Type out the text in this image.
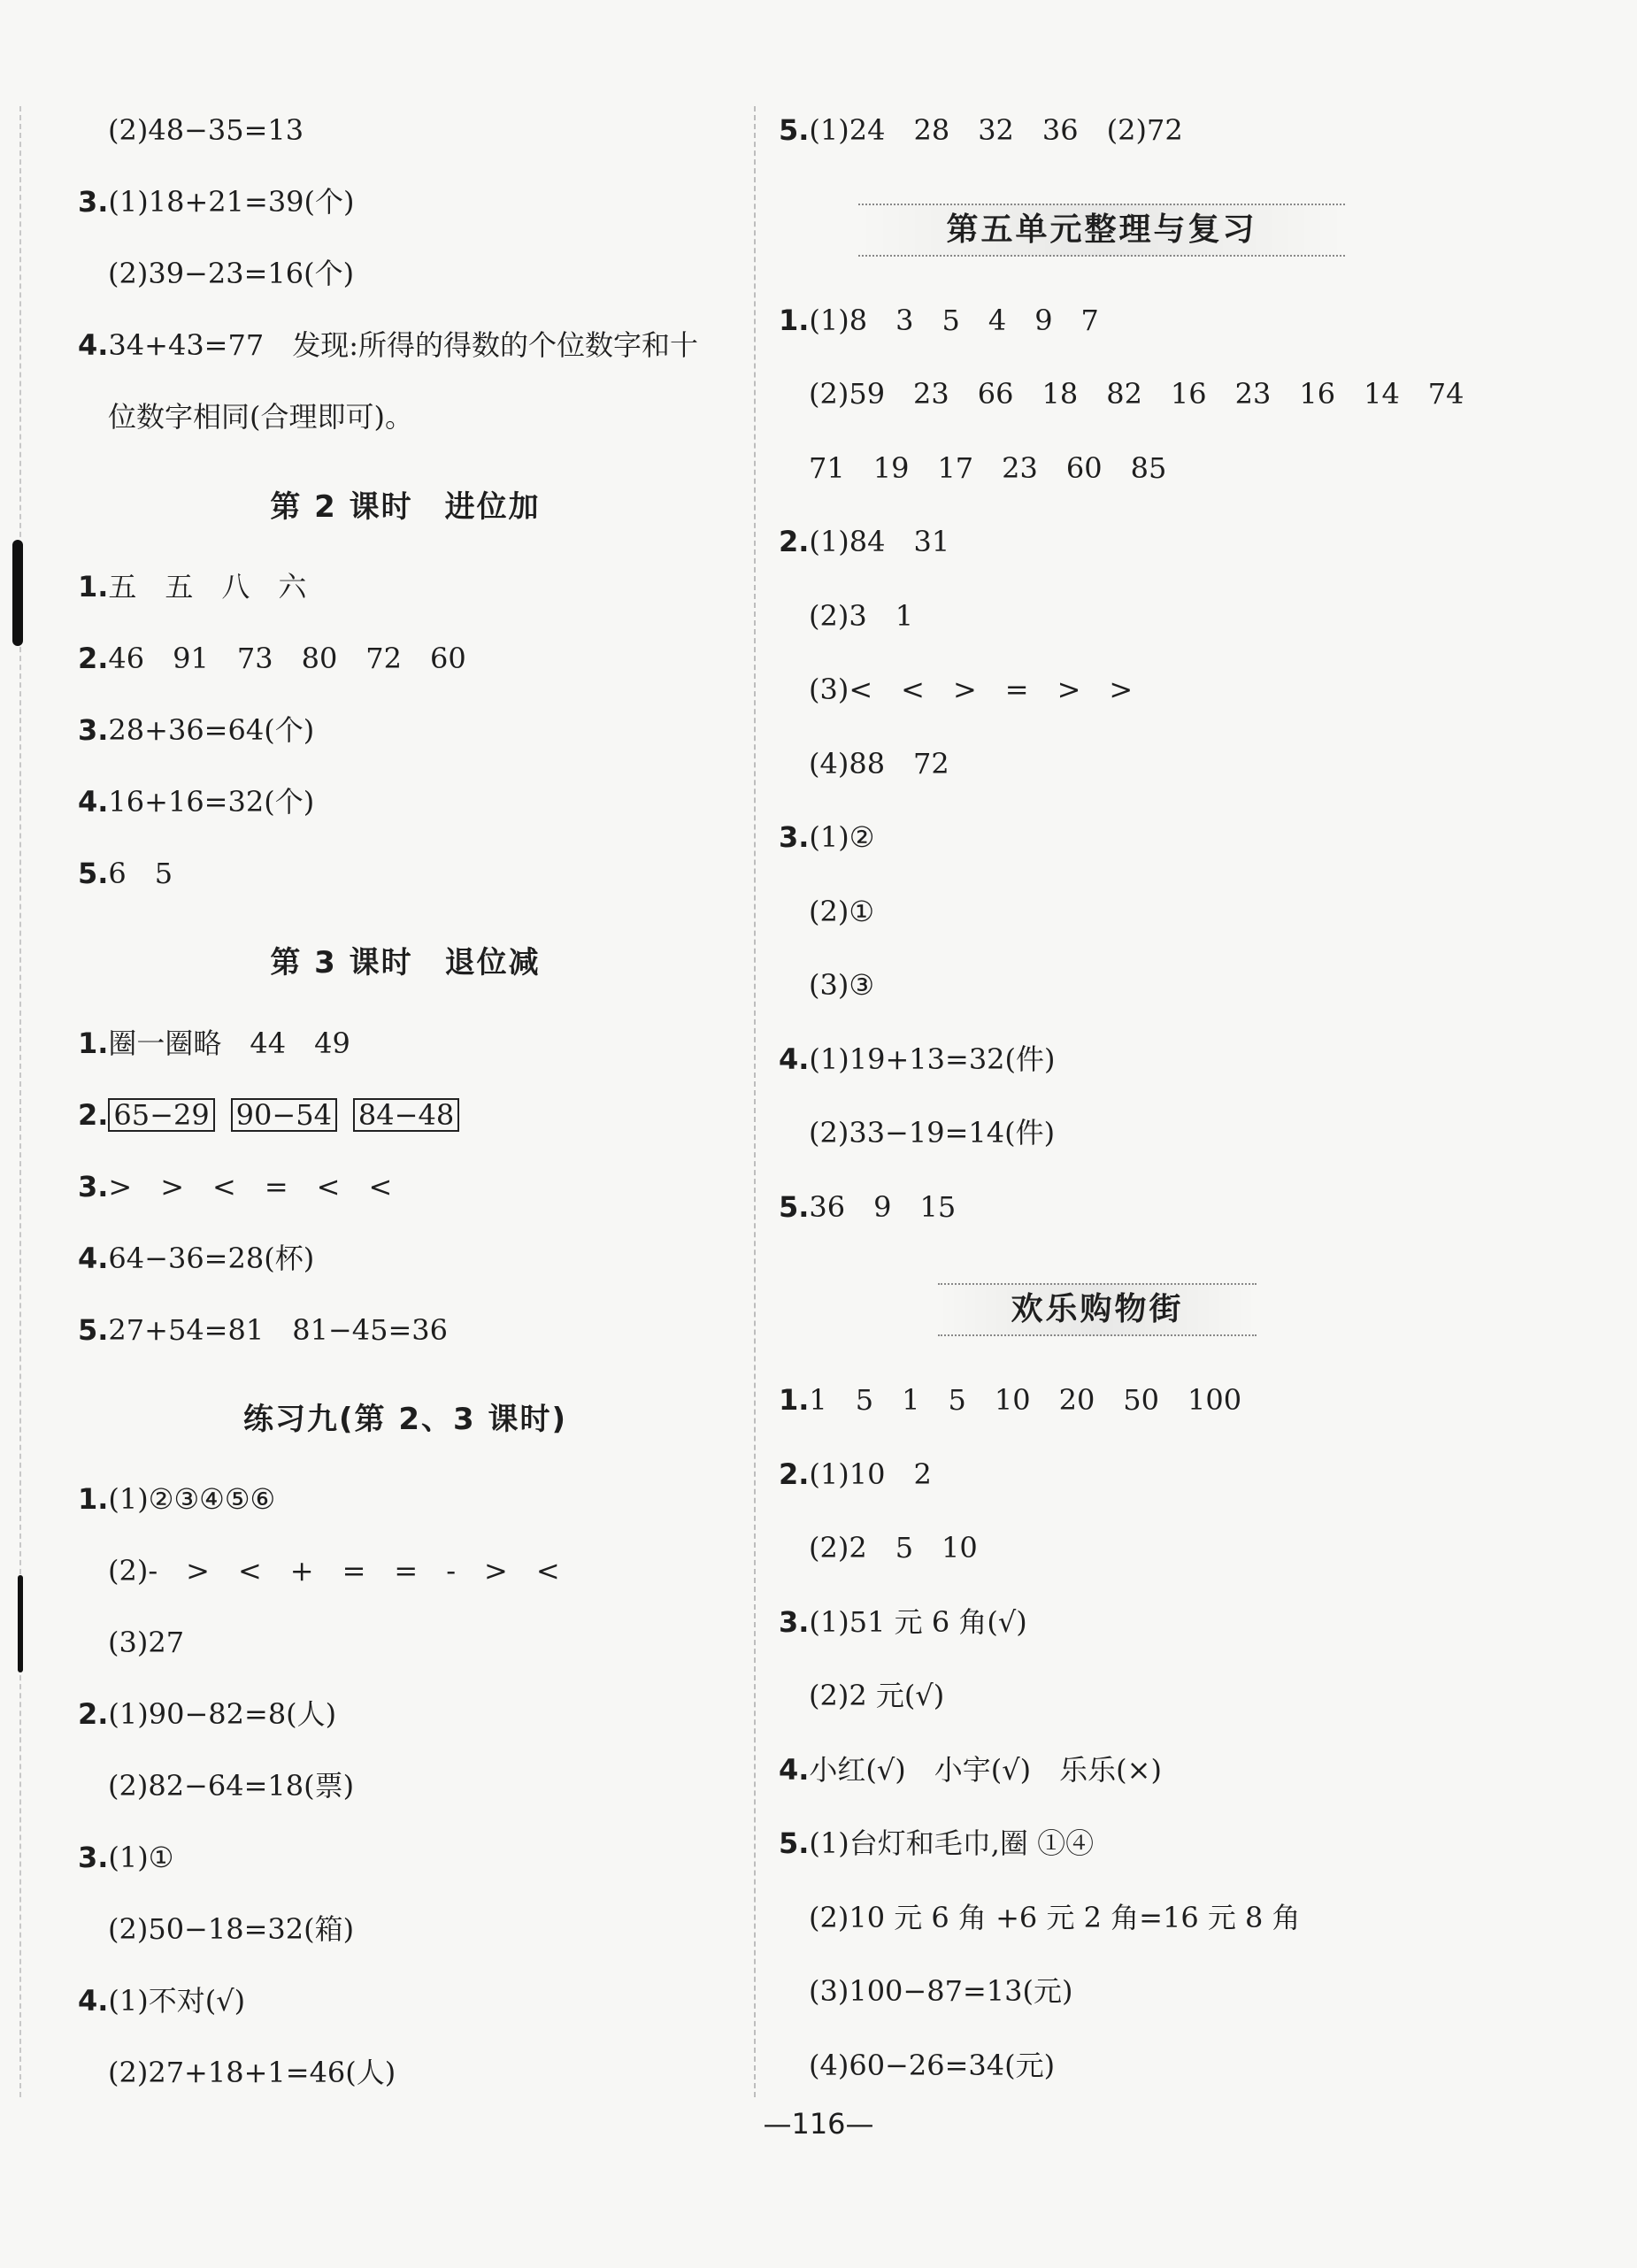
(2)48−35=13
3.(1)18+21=39(个)
(2)39−23=16(个)
4.34+43=77　发现:所得的得数的个位数字和十
位数字相同(合理即可)。
第 2 课时　进位加
1.五　五　八　六
2.46　91　73　80　72　60
3.28+36=64(个)
4.16+16=32(个)
5.6　5
第 3 课时　退位减
1.圈一圈略　44　49
2. 65−29 90−54 84−48
3.>　>　<　=　<　<
4.64−36=28(杯)
5.27+54=81　81−45=36
练习九(第 2、3 课时)
1.(1)②③④⑤⑥
(2)-　>　<　+　=　=　-　>　<
(3)27
2.(1)90−82=8(人)
(2)82−64=18(票)
3.(1)①
(2)50−18=32(箱)
4.(1)不对(√)
(2)27+18+1=46(人)
5.(1)24　28　32　36　(2)72
第五单元整理与复习
1.(1)8　3　5　4　9　7
(2)59　23　66　18　82　16　23　16　14　74
71　19　17　23　60　85
2.(1)84　31
(2)3　1
(3)<　<　>　=　>　>
(4)88　72
3.(1)②
(2)①
(3)③
4.(1)19+13=32(件)
(2)33−19=14(件)
5.36　9　15
欢乐购物街
1.1　5　1　5　10　20　50　100
2.(1)10　2
(2)2　5　10
3.(1)51 元 6 角(√)
(2)2 元(√)
4.小红(√)　小宇(√)　乐乐(×)
5.(1)台灯和毛巾,圈 ①④
(2)10 元 6 角 +6 元 2 角=16 元 8 角
(3)100−87=13(元)
(4)60−26=34(元)
—116—
